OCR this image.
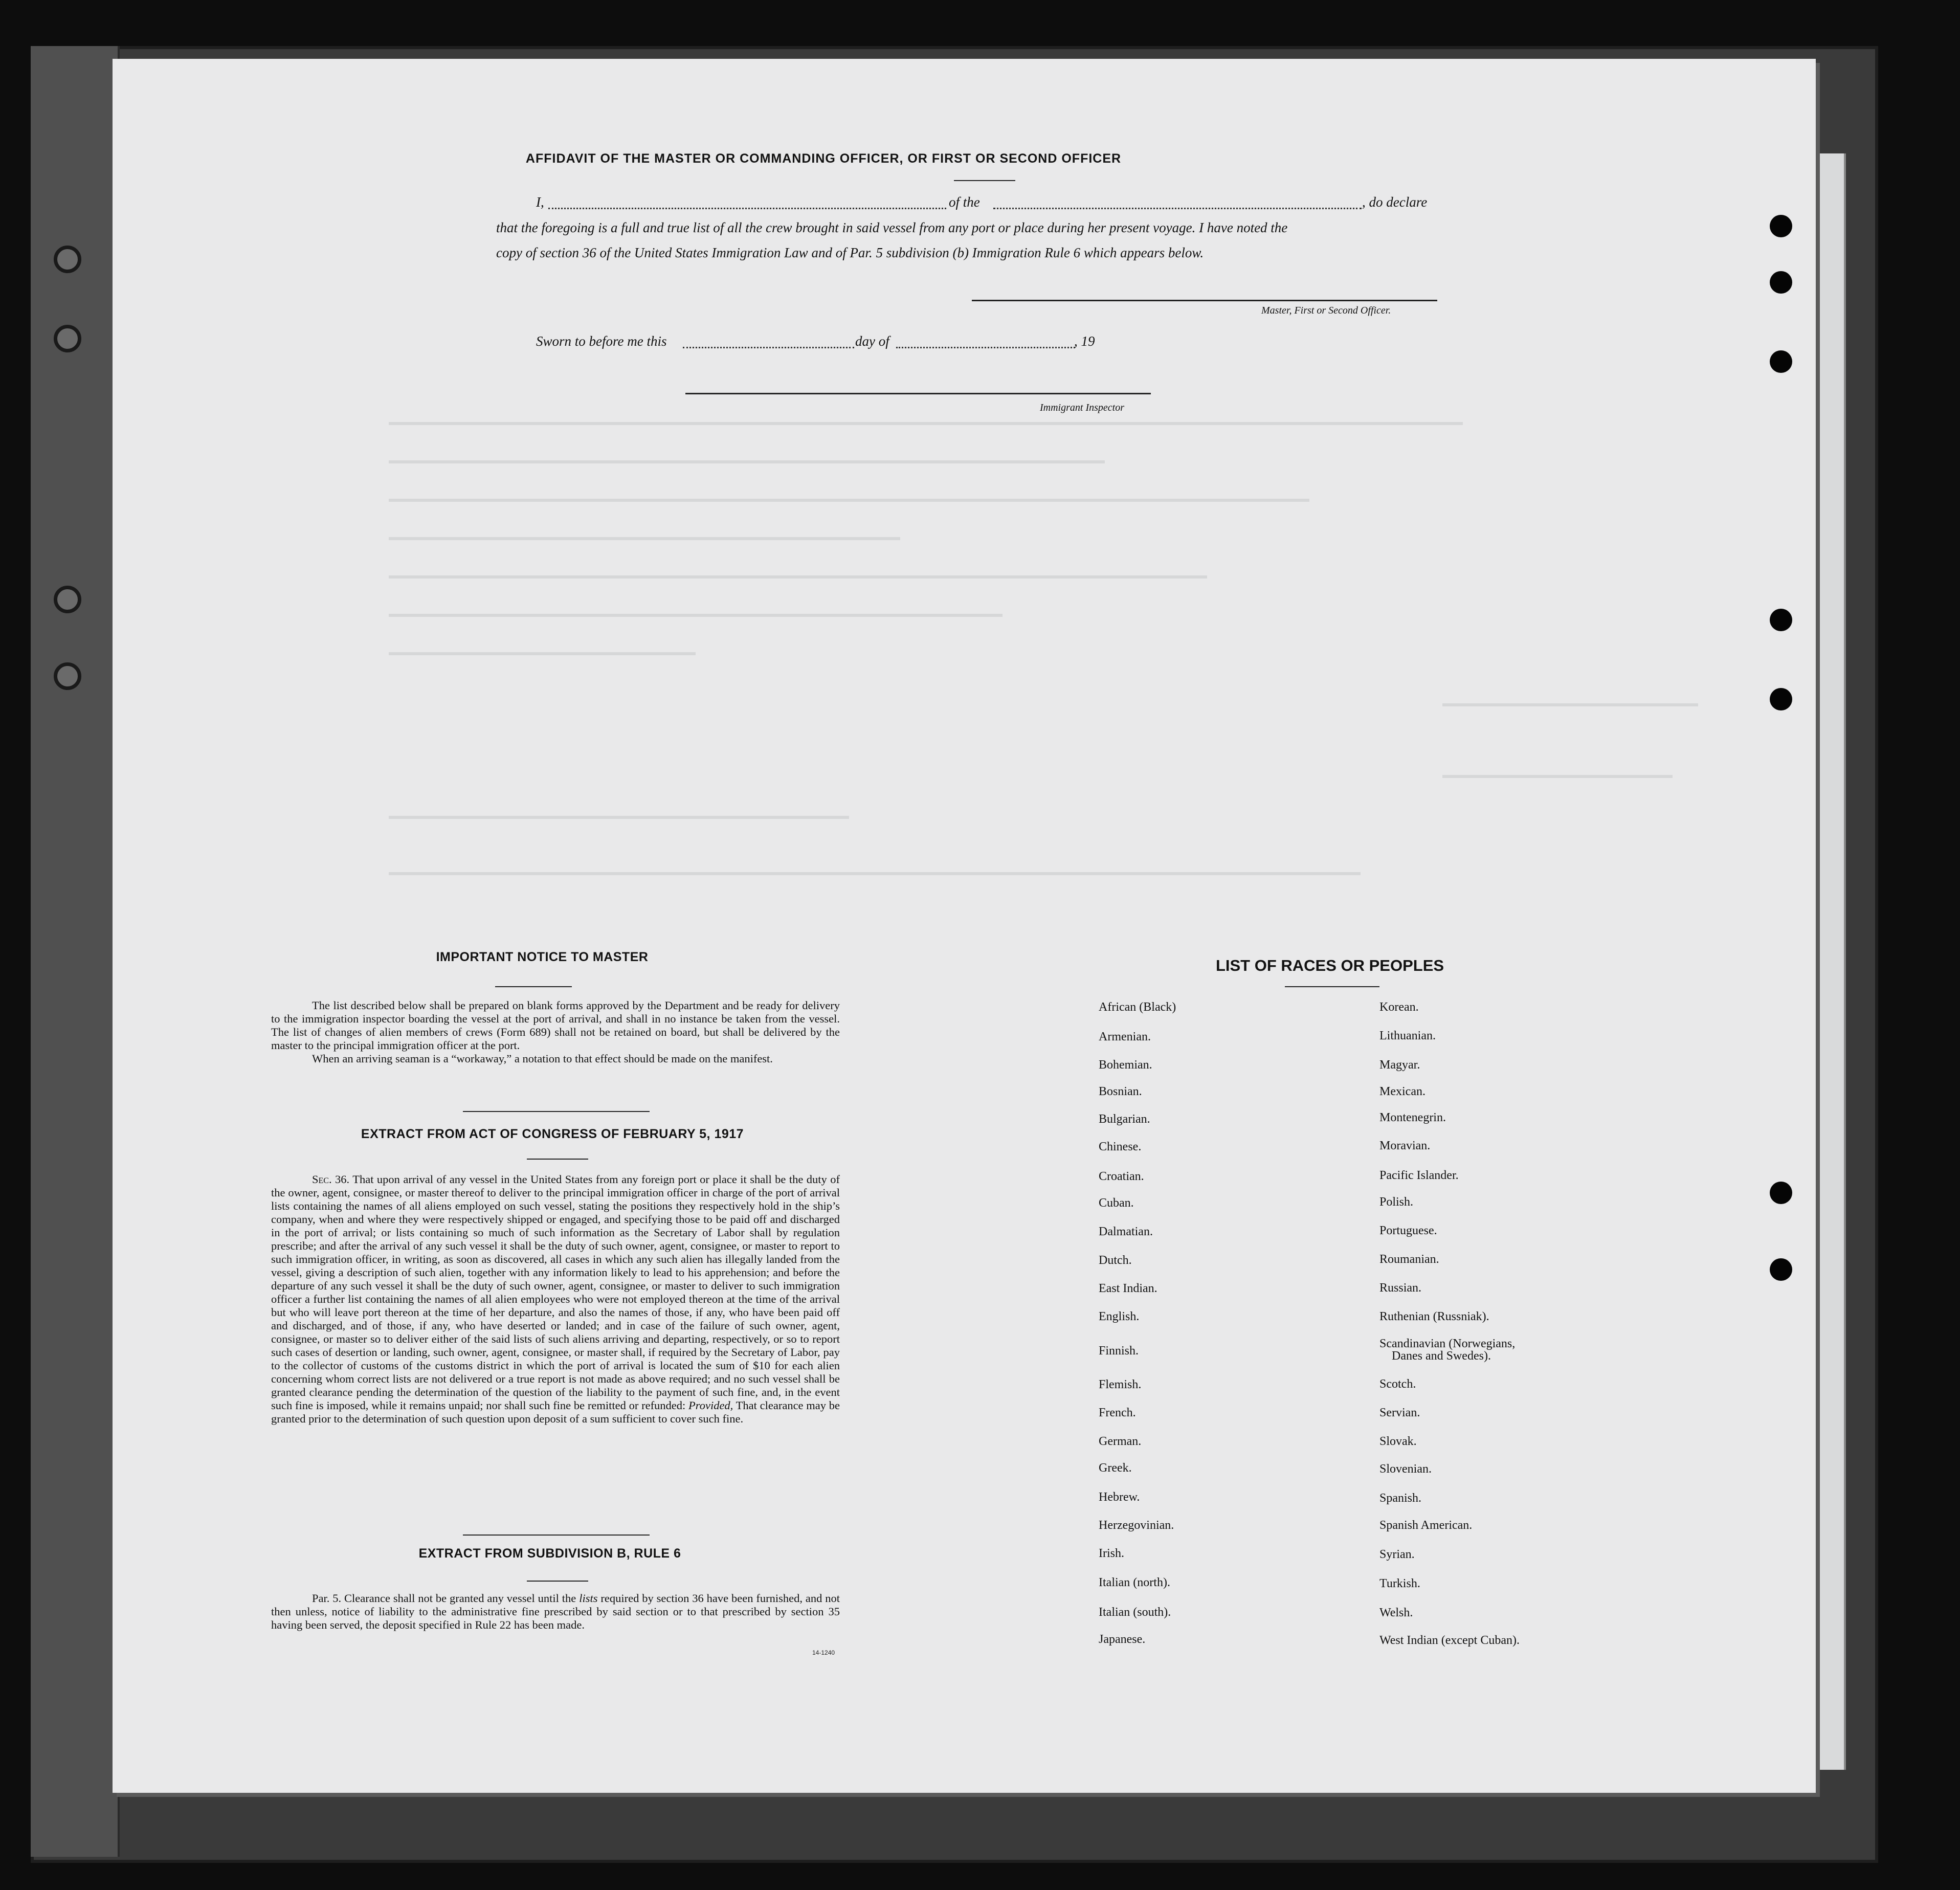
AFFIDAVIT OF THE MASTER OR COMMANDING OFFICER, OR FIRST OR SECOND OFFICER
I,	of the	, do declare
that the foregoing is a full and true list of all the crew brought in said vessel from any port or place during her present voyage. I have noted the
copy of section 36 of the United States Immigration Law and of Par. 5 subdivision (b) Immigration Rule 6 which appears below.
Master, First or Second Officer.
Sworn to before me this	day of	, 19
Immigrant Inspector
IMPORTANT NOTICE TO MASTER

The list described below shall be prepared on blank forms approved by the Department and be ready for delivery to the immigration inspector boarding the vessel at the port of arrival, and shall in no instance be taken from the vessel. The list of changes of alien members of crews (Form 689) shall not be retained on board, but shall be delivered by the master to the principal immigration officer at the port.

When an arriving seaman is a “workaway,” a notation to that effect should be made on the manifest.

EXTRACT FROM ACT OF CONGRESS OF FEBRUARY 5, 1917

Sec. 36. That upon arrival of any vessel in the United States from any foreign port or place it shall be the duty of the owner, agent, consignee, or master thereof to deliver to the principal immigration officer in charge of the port of arrival lists containing the names of all aliens employed on such vessel, stating the positions they respectively hold in the ship’s company, when and where they were respectively shipped or engaged, and specifying those to be paid off and discharged in the port of arrival; or lists containing so much of such information as the Secretary of Labor shall by regulation prescribe; and after the arrival of any such vessel it shall be the duty of such owner, agent, consignee, or master to report to such immigration officer, in writing, as soon as discovered, all cases in which any such alien has illegally landed from the vessel, giving a description of such alien, together with any information likely to lead to his apprehension; and before the departure of any such vessel it shall be the duty of such owner, agent, consignee, or master to deliver to such immigration officer a further list containing the names of all alien employees who were not employed thereon at the time of the arrival but who will leave port thereon at the time of her departure, and also the names of those, if any, who have been paid off and discharged, and of those, if any, who have deserted or landed; and in case of the failure of such owner, agent, consignee, or master so to deliver either of the said lists of such aliens arriving and departing, respectively, or so to report such cases of desertion or landing, such owner, agent, consignee, or master shall, if required by the Secretary of Labor, pay to the collector of customs of the customs district in which the port of arrival is located the sum of $10 for each alien concerning whom correct lists are not delivered or a true report is not made as above required; and no such vessel shall be granted clearance pending the determination of the question of the liability to the payment of such fine, and, in the event such fine is imposed, while it remains unpaid; nor shall such fine be remitted or refunded: Provided, That clearance may be granted prior to the determination of such question upon deposit of a sum sufficient to cover such fine.

EXTRACT FROM SUBDIVISION B, RULE 6

Par. 5. Clearance shall not be granted any vessel until the lists required by section 36 have been furnished, and not then unless, notice of liability to the administrative fine prescribed by said section or to that prescribed by section 35 having been served, the deposit specified in Rule 22 has been made.

14-1240
LIST OF RACES OR PEOPLES
African (Black)
Armenian.
Bohemian.
Bosnian.
Bulgarian.
Chinese.
Croatian.
Cuban.
Dalmatian.
Dutch.
East Indian.
English.
Finnish.
Flemish.
French.
German.
Greek.
Hebrew.
Herzegovinian.
Irish.
Italian (north).
Italian (south).
Japanese.
Korean.
Lithuanian.
Magyar.
Mexican.
Montenegrin.
Moravian.
Pacific Islander.
Polish.
Portuguese.
Roumanian.
Russian.
Ruthenian (Russniak).
Scandinavian (Norwegians,
Danes and Swedes).
Scotch.
Servian.
Slovak.
Slovenian.
Spanish.
Spanish American.
Syrian.
Turkish.
Welsh.
West Indian (except Cuban).
